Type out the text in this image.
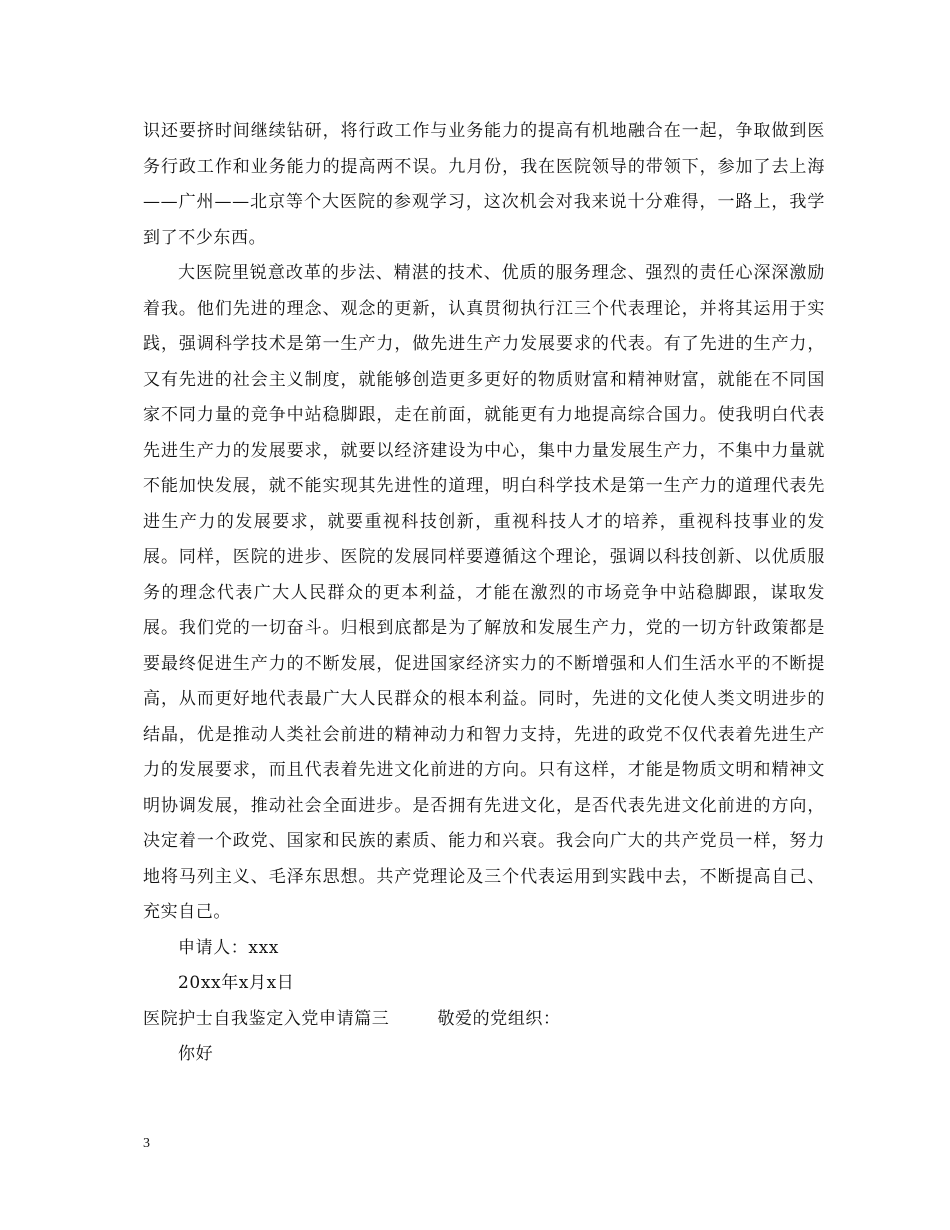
识还要挤时间继续钻研，将行政工作与业务能力的提高有机地融合在一起，争取做到医务行政工作和业务能力的提高两不误。九月份，我在医院领导的带领下，参加了去上海——广州——北京等个大医院的参观学习，这次机会对我来说十分难得，一路上，我学到了不少东西。

大医院里锐意改革的步法、精湛的技术、优质的服务理念、强烈的责任心深深激励着我。他们先进的理念、观念的更新，认真贯彻执行江三个代表理论，并将其运用于实践，强调科学技术是第一生产力，做先进生产力发展要求的代表。有了先进的生产力，又有先进的社会主义制度，就能够创造更多更好的物质财富和精神财富，就能在不同国家不同力量的竞争中站稳脚跟，走在前面，就能更有力地提高综合国力。使我明白代表先进生产力的发展要求，就要以经济建设为中心，集中力量发展生产力，不集中力量就不能加快发展，就不能实现其先进性的道理，明白科学技术是第一生产力的道理代表先进生产力的发展要求，就要重视科技创新，重视科技人才的培养，重视科技事业的发展。同样，医院的进步、医院的发展同样要遵循这个理论，强调以科技创新、以优质服务的理念代表广大人民群众的更本利益，才能在激烈的市场竞争中站稳脚跟，谋取发展。我们党的一切奋斗。归根到底都是为了解放和发展生产力，党的一切方针政策都是要最终促进生产力的不断发展，促进国家经济实力的不断增强和人们生活水平的不断提高，从而更好地代表最广大人民群众的根本利益。同时，先进的文化使人类文明进步的结晶，优是推动人类社会前进的精神动力和智力支持，先进的政党不仅代表着先进生产力的发展要求，而且代表着先进文化前进的方向。只有这样，才能是物质文明和精神文明协调发展，推动社会全面进步。是否拥有先进文化，是否代表先进文化前进的方向，决定着一个政党、国家和民族的素质、能力和兴衰。我会向广大的共产党员一样，努力地将马列主义、毛泽东思想。共产党理论及三个代表运用到实践中去，不断提高自己、充实自己。

申请人：xxx

20xx年x月x日

医院护士自我鉴定入党申请篇三	敬爱的党组织：

你好

3
